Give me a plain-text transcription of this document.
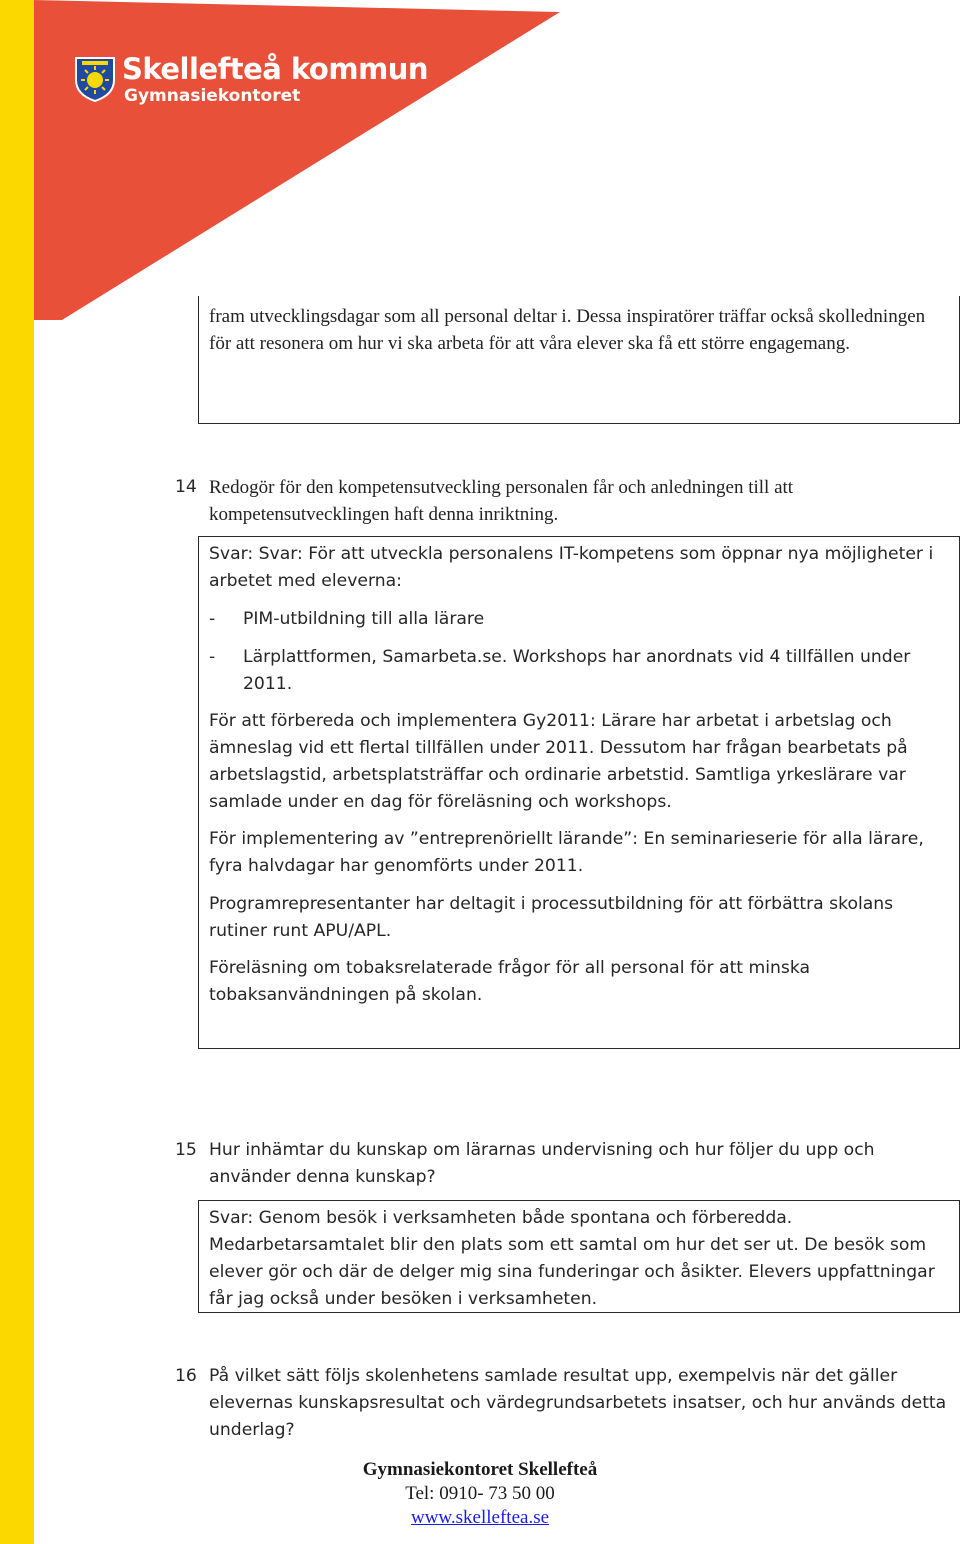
Skellefteå kommun
Gymnasiekontoret

fram utvecklingsdagar som all personal deltar i. Dessa inspiratörer träffar också skolledningen för att resonera om hur vi ska arbeta för att våra elever ska få ett större engagemang.

14 Redogör för den kompetensutveckling personalen får och anledningen till att kompetensutvecklingen haft denna inriktning.

Svar: Svar: För att utveckla personalens IT-kompetens som öppnar nya möjligheter i arbetet med eleverna:

- PIM-utbildning till alla lärare

- Lärplattformen, Samarbeta.se. Workshops har anordnats vid 4 tillfällen under 2011.

För att förbereda och implementera Gy2011: Lärare har arbetat i arbetslag och ämneslag vid ett flertal tillfällen under 2011. Dessutom har frågan bearbetats på arbetslagstid, arbetsplatsträffar och ordinarie arbetstid. Samtliga yrkeslärare var samlade under en dag för föreläsning och workshops.

För implementering av ”entreprenöriellt lärande”: En seminarieserie för alla lärare, fyra halvdagar har genomförts under 2011.

Programrepresentanter har deltagit i processutbildning för att förbättra skolans rutiner runt APU/APL.

Föreläsning om tobaksrelaterade frågor för all personal för att minska tobaksanvändningen på skolan.

15 Hur inhämtar du kunskap om lärarnas undervisning och hur följer du upp och använder denna kunskap?

Svar: Genom besök i verksamheten både spontana och förberedda. Medarbetarsamtalet blir den plats som ett samtal om hur det ser ut. De besök som elever gör och där de delger mig sina funderingar och åsikter. Elevers uppfattningar får jag också under besöken i verksamheten.

16 På vilket sätt följs skolenhetens samlade resultat upp, exempelvis när det gäller elevernas kunskapsresultat och värdegrundsarbetets insatser, och hur används detta underlag?

Gymnasiekontoret Skellefteå

Tel: 0910- 73 50 00

www.skelleftea.se
